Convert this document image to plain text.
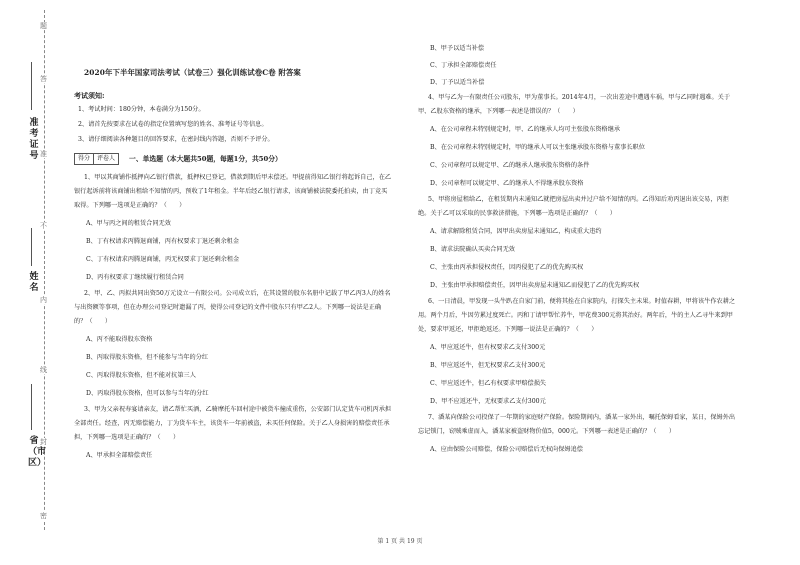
题
答
准
不
内
线
封
密
准考证号
姓名
省（市区）
2020年下半年国家司法考试（试卷三）强化训练试卷C卷 附答案
考试须知:
1、考试时间：180分钟，本卷满分为150分。
2、请首先按要求在试卷的指定位置填写您的姓名、准考证号等信息。
3、请仔细阅读各种题目的回答要求，在密封线内答题，否则不予评分。
得分	评卷人	一、单选题（本大题共50题，每题1分，共50分）
1、甲以其商铺作抵押向乙银行借款，抵押权已登记，借款到期后甲未偿还。甲提前得知乙银行将起诉自己，在乙银行起诉前将该商铺出租给不知情的丙，预收了1年租金。半年后经乙银行请求，该商铺被法院委托拍卖，由丁竞买取得。下列哪一选项是正确的？（　　）
A、甲与丙之间的租赁合同无效
B、丁有权请求丙腾退商铺，丙有权要求丁退还剩余租金
C、丁有权请求丙腾退商铺，丙无权要求丁退还剩余租金
D、丙有权要求丁继续履行租赁合同
2、甲、乙、丙拟共同出资50万元设立一有限公司。公司成立后，在其设置的股东名册中记载了甲乙丙3人的姓名与出资额等事项，但在办理公司登记时遗漏了丙，使得公司登记的文件中股东只有甲乙2人。下列哪一说法是正确的？（　　）
A、丙不能取得股东资格
B、丙取得股东资格，但不能参与当年的分红
C、丙取得股东资格，但不能对抗第三人
D、丙取得股东资格，但可以参与当年的分红
3、甲为父亲祝寿宴请亲友，请乙帮忙买酒，乙骑摩托车回村途中被货车撞成重伤，公安部门认定货车司机丙承担全部责任。经查，丙无赔偿能力，丁为货车车主，该货车一年前被盗，未买任何保险。关于乙人身损害的赔偿责任承担，下列哪一选项是正确的？（　　）
A、甲承担全部赔偿责任
B、甲予以适当补偿
C、丁承担全部赔偿责任
D、丁予以适当补偿
4、甲与乙为一有限责任公司股东，甲为董事长。2014年4月，一次出差途中遭遇车祸，甲与乙同时遇难。关于甲、乙股东资格的继承，下列哪一表述是错误的？（　　）
A、在公司章程未特别规定时，甲、乙的继承人均可主张股东资格继承
B、在公司章程未特别规定时，甲的继承人可以主张继承股东资格与董事长职位
C、公司章程可以规定甲、乙的继承人继承股东资格的条件
D、公司章程可以规定甲、乙的继承人不得继承股东资格
5、甲将房屋租给乙，在租赁期内未通知乙就把房屋出卖并过户给不知情的丙。乙得知后劝丙退出该交易，丙拒绝。关于乙可以采取的民事救济措施，下列哪一选项是正确的？（　　）
A、请求解除租赁合同，因甲出卖房屋未通知乙，构成重大违约
B、请求法院确认买卖合同无效
C、主张由丙承担侵权责任，因丙侵犯了乙的优先购买权
D、主张由甲承担赔偿责任，因甲出卖房屋未通知乙而侵犯了乙的优先购买权
6、一日清晨，甲发现一头牛趴在自家门前，便将其拴在自家院内，打探失主未果。时值春耕，甲将该牛作农耕之用。两个月后，牛因劳累过度死亡。丙和丁请甲帮忙养牛，甲花费300元将其治好。两年后，牛的主人乙寻牛来到甲处，要求甲返还，甲拒绝返还。下列哪一说法是正确的？（　　）
A、甲应返还牛，但有权要求乙支付300元
B、甲应返还牛，但无权要求乙支付300元
C、甲应返还牛，但乙有权要求甲赔偿损失
D、甲不应返还牛，无权要求乙支付300元
7、潘某向保险公司投保了一年期的家庭财产保险。保险期间内，潘某一家外出，嘱托保姆看家，某日，保姆外出忘记锁门，窃贼乘虚而入，潘某家被盗财物价值5，000元。下列哪一表述是正确的？（　　）
A、应由保险公司赔偿，保险公司赔偿后无权向保姆追偿
第 1 页 共 19 页
